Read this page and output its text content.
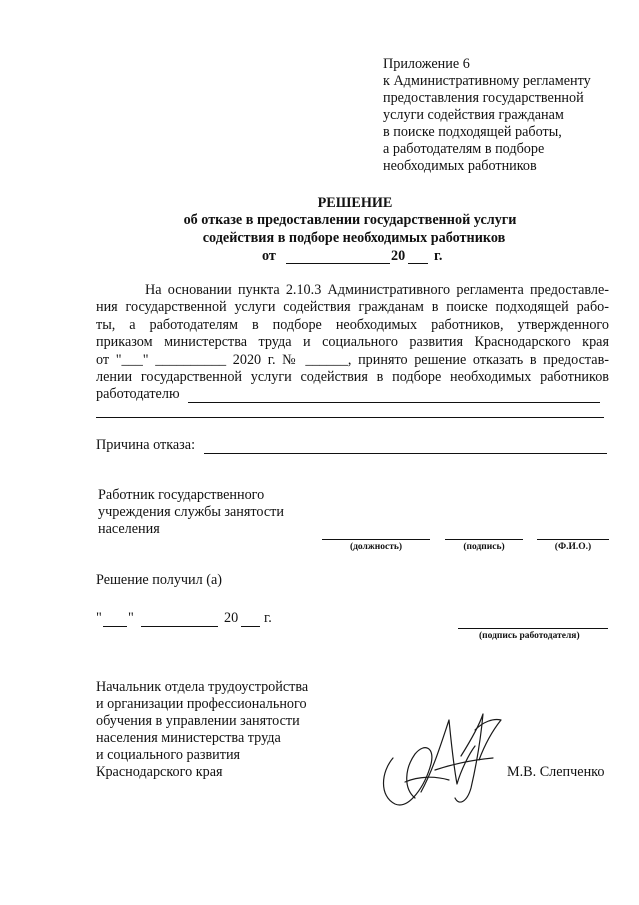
Приложение 6
к Административному регламенту
предоставления государственной
услуги содействия гражданам
в поиске подходящей работы,
а работодателям в подборе
необходимых работников
РЕШЕНИЕ
об отказе в предоставлении государственной услуги
содействия в подборе необходимых работников
от	20 г.
На основании пункта 2.10.3 Административного регламента предоставле-
ния государственной услуги содействия гражданам в поиске подходящей рабо-
ты, а работодателям в подборе необходимых работников, утвержденного
приказом министерства труда и социального развития Краснодарского края
от "___" __________ 2020 г. № ______, принято решение отказать в предостав-
лении государственной услуги содействия в подборе необходимых работников
работодателю
Причина отказа:
Работник государственного
учреждения службы занятости
населения
(должность)	(подпись)	(Ф.И.О.)
Решение получил (а)
" "	20 г.
(подпись работодателя)
Начальник отдела трудоустройства
и организации профессионального
обучения в управлении занятости
населения министерства труда
и социального развития
Краснодарского края	М.В. Слепченко
